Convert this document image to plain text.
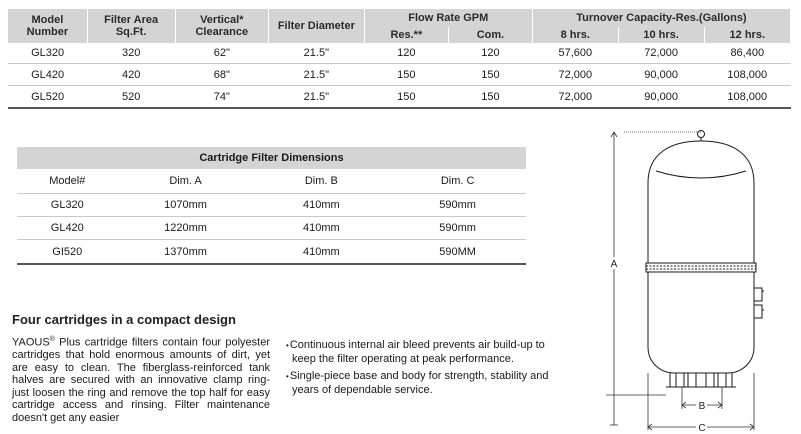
Model Number	Filter Area Sq.Ft.	Vertical* Clearance	Filter Diameter	Flow Rate GPM		Turnover Capacity-Res.(Gallons)		
				Res.**	Com.	8 hrs.	10 hrs.	12 hrs.
GL320	320	62"	21.5"	120	120	57,600	72,000	86,400
GL420	420	68"	21.5"	150	150	72,000	90,000	108,000
GL520	520	74"	21.5"	150	150	72,000	90,000	108,000
Cartridge Filter Dimensions			
Model#	Dim. A	Dim. B	Dim. C
GL320	1070mm	410mm	590mm
GL420	1220mm	410mm	590mm
GI520	1370mm	410mm	590MM
Four cartridges in a compact design

YAOUS® Plus cartridge filters contain four polyester cartridges that hold enormous amounts of dirt, yet are easy to clean. The fiberglass-reinforced tank halves are secured with an innovative clamp ring-just loosen the ring and remove the top half for easy cartridge access and rinsing. Filter maintenance doesn't get any easier

• Continuous internal air bleed prevents air build-up to keep the filter operating at peak performance.
• Single-piece base and body for strength, stability and years of dependable service.
A
B
C
